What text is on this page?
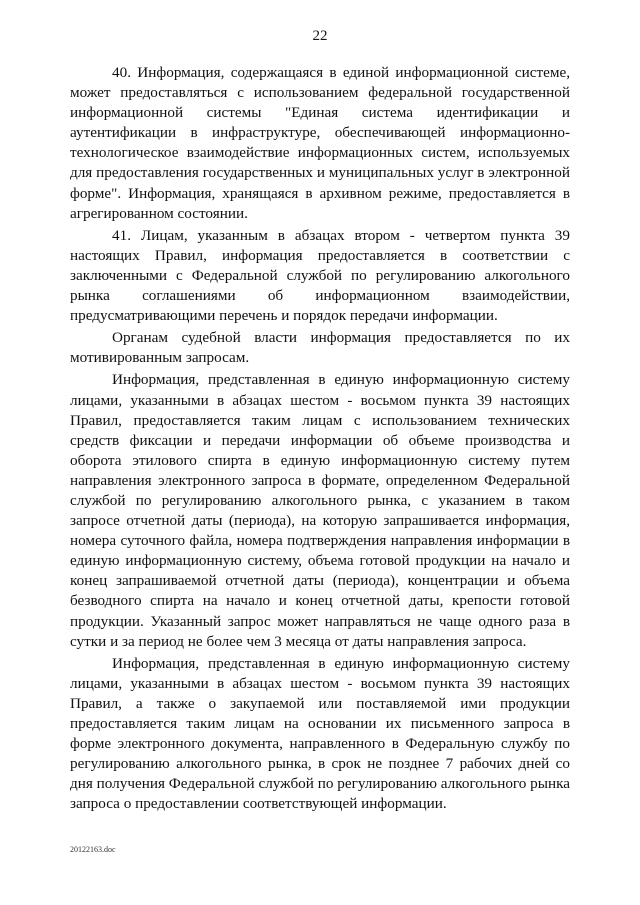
22

40. Информация, содержащаяся в единой информационной системе, может предоставляться с использованием федеральной государственной информационной системы "Единая система идентификации и аутентификации в инфраструктуре, обеспечивающей информационно-технологическое взаимодействие информационных систем, используемых для предоставления государственных и муниципальных услуг в электронной форме". Информация, хранящаяся в архивном режиме, предоставляется в агрегированном состоянии.

41. Лицам, указанным в абзацах втором - четвертом пункта 39 настоящих Правил, информация предоставляется в соответствии с заключенными с Федеральной службой по регулированию алкогольного рынка соглашениями об информационном взаимодействии, предусматривающими перечень и порядок передачи информации.

Органам судебной власти информация предоставляется по их мотивированным запросам.

Информация, представленная в единую информационную систему лицами, указанными в абзацах шестом - восьмом пункта 39 настоящих Правил, предоставляется таким лицам с использованием технических средств фиксации и передачи информации об объеме производства и оборота этилового спирта в единую информационную систему путем направления электронного запроса в формате, определенном Федеральной службой по регулированию алкогольного рынка, с указанием в таком запросе отчетной даты (периода), на которую запрашивается информация, номера суточного файла, номера подтверждения направления информации в единую информационную систему, объема готовой продукции на начало и конец запрашиваемой отчетной даты (периода), концентрации и объема безводного спирта на начало и конец отчетной даты, крепости готовой продукции. Указанный запрос может направляться не чаще одного раза в сутки и за период не более чем 3 месяца от даты направления запроса.

Информация, представленная в единую информационную систему лицами, указанными в абзацах шестом - восьмом пункта 39 настоящих Правил, а также о закупаемой или поставляемой ими продукции предоставляется таким лицам на основании их письменного запроса в форме электронного документа, направленного в Федеральную службу по регулированию алкогольного рынка, в срок не позднее 7 рабочих дней со дня получения Федеральной службой по регулированию алкогольного рынка запроса о предоставлении соответствующей информации.

20122163.doc
